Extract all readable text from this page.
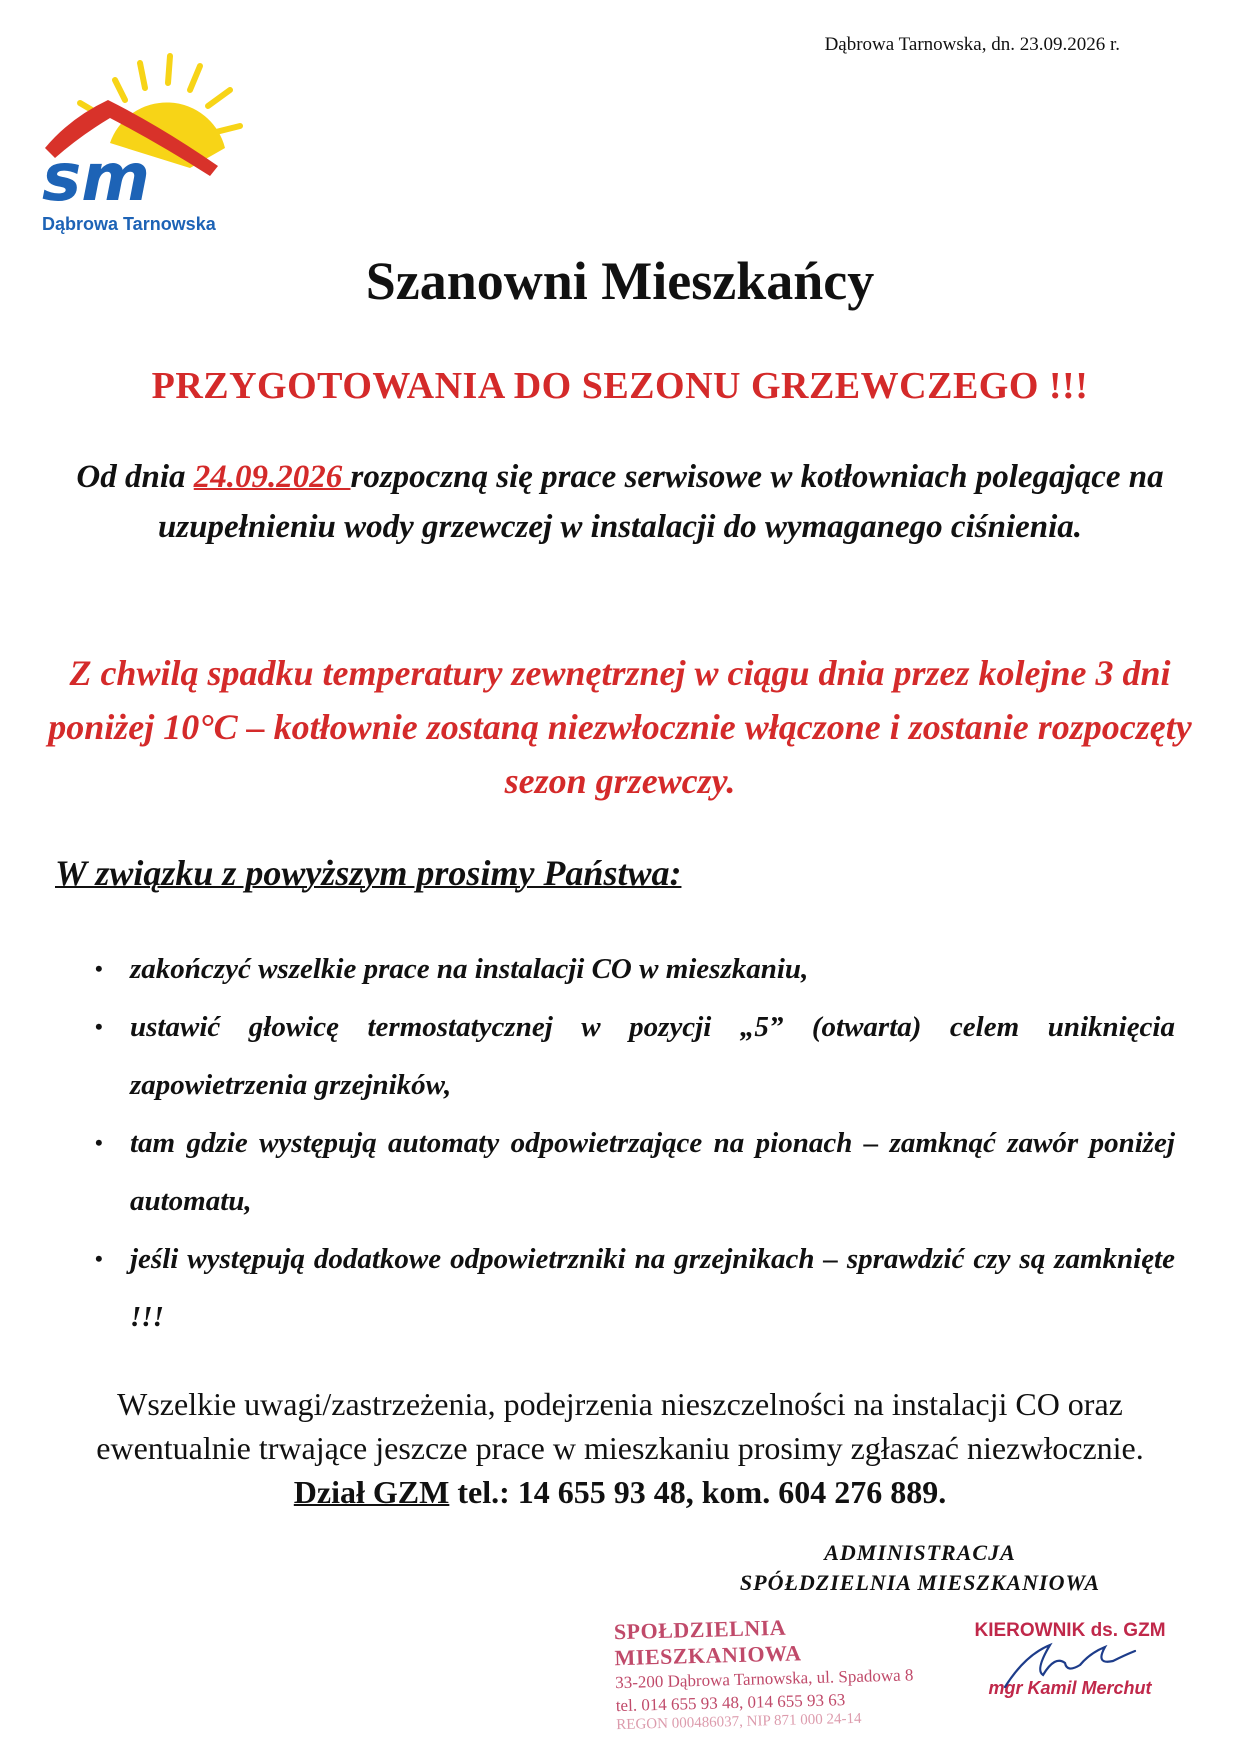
Dąbrowa Tarnowska, dn. 23.09.2026 r.
sm
Dąbrowa Tarnowska
Szanowni Mieszkańcy
PRZYGOTOWANIA DO SEZONU GRZEWCZEGO !!!
Od dnia 24.09.2026 rozpoczną się prace serwisowe w kotłowniach polegające na uzupełnieniu wody grzewczej w instalacji do wymaganego ciśnienia.
Z chwilą spadku temperatury zewnętrznej w ciągu dnia przez kolejne 3 dni poniżej 10°C – kotłownie zostaną niezwłocznie włączone i zostanie rozpoczęty sezon grzewczy.
W związku z powyższym prosimy Państwa:
• zakończyć wszelkie prace na instalacji CO w mieszkaniu,
• ustawić głowicę termostatycznej w pozycji „5” (otwarta) celem uniknięcia zapowietrzenia grzejników,
• tam gdzie występują automaty odpowietrzające na pionach – zamknąć zawór poniżej automatu,
• jeśli występują dodatkowe odpowietrzniki na grzejnikach – sprawdzić czy są zamknięte !!!
Wszelkie uwagi/zastrzeżenia, podejrzenia nieszczelności na instalacji CO oraz
ewentualnie trwające jeszcze prace w mieszkaniu prosimy zgłaszać niezwłocznie.
Dział GZM tel.: 14 655 93 48, kom. 604 276 889.
ADMINISTRACJA
SPÓŁDZIELNIA MIESZKANIOWA
SPOŁDZIELNIA MIESZKANIOWA
33-200 Dąbrowa Tarnowska, ul. Spadowa 8
tel. 014 655 93 48, 014 655 93 63
REGON 000486037, NIP 871 000 24-14
KIEROWNIK ds. GZM
mgr Kamil Merchut
